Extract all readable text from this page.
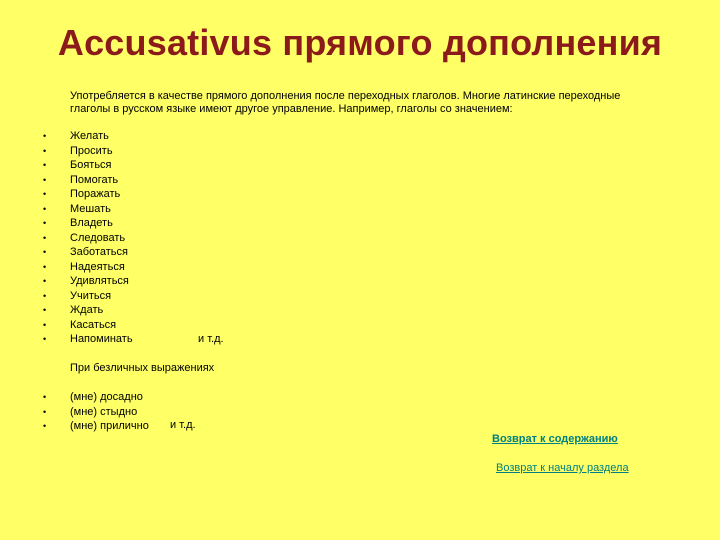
Accusativus прямого дополнения
Употребляется в качестве прямого дополнения после переходных глаголов. Многие латинские переходные глаголы в русском языке имеют другое управление. Например, глаголы со значением:
• Желать
• Просить
• Бояться
• Помогать
• Поражать
• Мешать
• Владеть
• Следовать
• Заботаться
• Надеяться
• Удивляться
• Учиться
• Ждать
• Касаться
• Напоминать	и т.д.
При безличных выражениях
• (мне) досадно
• (мне) стыдно
• (мне) прилично и т.д.
Возврат к содержанию
Возврат к началу раздела
